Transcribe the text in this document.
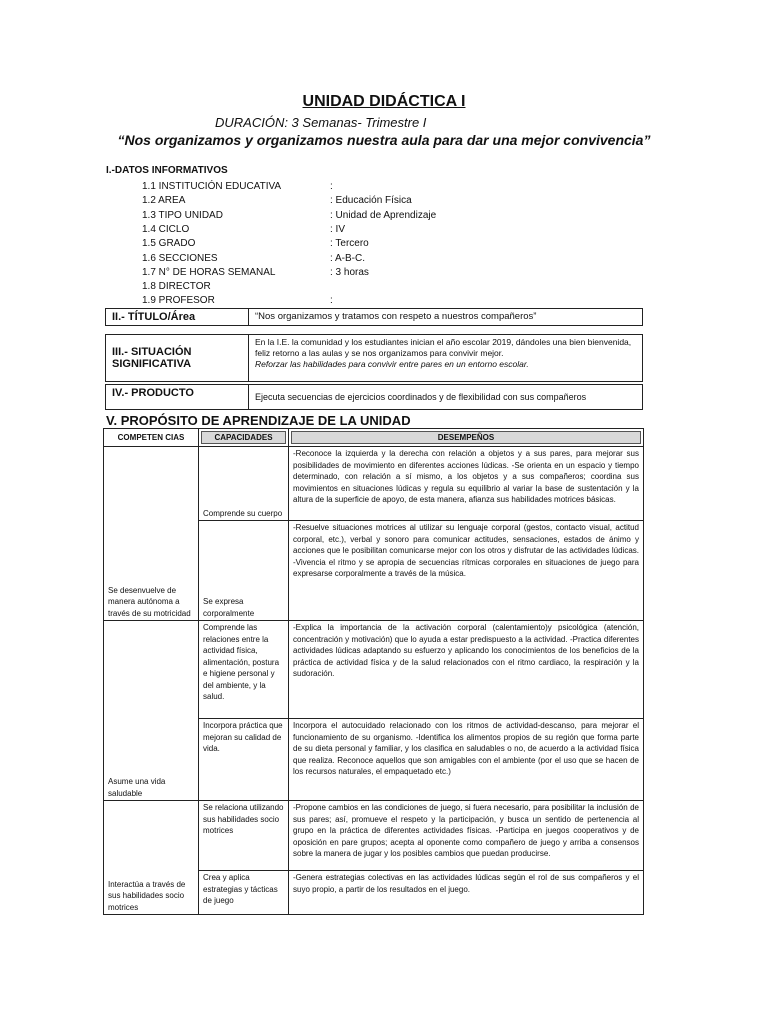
UNIDAD DIDÁCTICA I
DURACIÓN: 3 Semanas- Trimestre I
“Nos organizamos y organizamos nuestra aula para dar una mejor convivencia”
I.-DATOS INFORMATIVOS
1.1 INSTITUCIÓN EDUCATIVA	:
1.2 AREA	: Educación Física
1.3 TIPO UNIDAD	: Unidad de Aprendizaje
1.4 CICLO	: IV
1.5 GRADO	: Tercero
1.6 SECCIONES	: A-B-C.
1.7 N° DE HORAS SEMANAL	: 3 horas
1.8 DIRECTOR
1.9 PROFESOR	:
II.- TÍTULO/Área	“Nos organizamos y tratamos con respeto a nuestros compañeros”
III.- SITUACIÓN SIGNIFICATIVA	En la I.E. la comunidad y los estudiantes inician el año escolar 2019, dándoles una bien bienvenida, feliz retorno a las aulas y se nos organizamos para convivir mejor.
Reforzar las habilidades para convivir entre pares en un entorno escolar.
IV.- PRODUCTO	Ejecuta secuencias de ejercicios coordinados y de flexibilidad con sus compañeros
V. PROPÓSITO DE APRENDIZAJE DE LA UNIDAD
COMPETEN CIAS	CAPACIDADES	DESEMPEÑOS

Se desenvuelve de manera autónoma a través de su motricidad	Comprende su cuerpo	-Reconoce la izquierda y la derecha con relación a objetos y a sus pares, para mejorar sus posibilidades de movimiento en diferentes acciones lúdicas. -Se orienta en un espacio y tiempo determinado, con relación a sí mismo, a los objetos y a sus compañeros; coordina sus movimientos en situaciones lúdicas y regula su equilibrio al variar la base de sustentación y la altura de la superficie de apoyo, de esta manera, afianza sus habilidades motrices básicas.
	Se expresa corporalmente	-Resuelve situaciones motrices al utilizar su lenguaje corporal (gestos, contacto visual, actitud corporal, etc.), verbal y sonoro para comunicar actitudes, sensaciones, estados de ánimo y acciones que le posibilitan comunicarse mejor con los otros y disfrutar de las actividades lúdicas. -Vivencia el ritmo y se apropia de secuencias rítmicas corporales en situaciones de juego para expresarse corporalmente a través de la música.
Asume una vida saludable	Comprende las relaciones entre la actividad física, alimentación, postura e higiene personal y del ambiente, y la salud.	-Explica la importancia de la activación corporal (calentamiento)y psicológica (atención, concentración y motivación) que lo ayuda a estar predispuesto a la actividad. -Practica diferentes actividades lúdicas adaptando su esfuerzo y aplicando los conocimientos de los beneficios de la práctica de actividad física y de la salud relacionados con el ritmo cardiaco, la respiración y la sudoración.
	Incorpora práctica que mejoran su calidad de vida.	Incorpora el autocuidado relacionado con los ritmos de actividad-descanso, para mejorar el funcionamiento de su organismo. -Identifica los alimentos propios de su región que forma parte de su dieta personal y familiar, y los clasifica en saludables o no, de acuerdo a la actividad física que realiza. Reconoce aquellos que son amigables con el ambiente (por el uso que se hacen de los recursos naturales, el empaquetado etc.)
Interactúa a través de sus habilidades socio motrices	Se relaciona utilizando sus habilidades socio motrices	-Propone cambios en las condiciones de juego, si fuera necesario, para posibilitar la inclusión de sus pares; así, promueve el respeto y la participación, y busca un sentido de pertenencia al grupo en la práctica de diferentes actividades físicas. -Participa en juegos cooperativos y de oposición en pare grupos; acepta al oponente como compañero de juego y arriba a consensos sobre la manera de jugar y los posibles cambios que puedan producirse.
	Crea y aplica estrategias y tácticas de juego	-Genera estrategias colectivas en las actividades lúdicas según el rol de sus compañeros y el suyo propio, a partir de los resultados en el juego.
